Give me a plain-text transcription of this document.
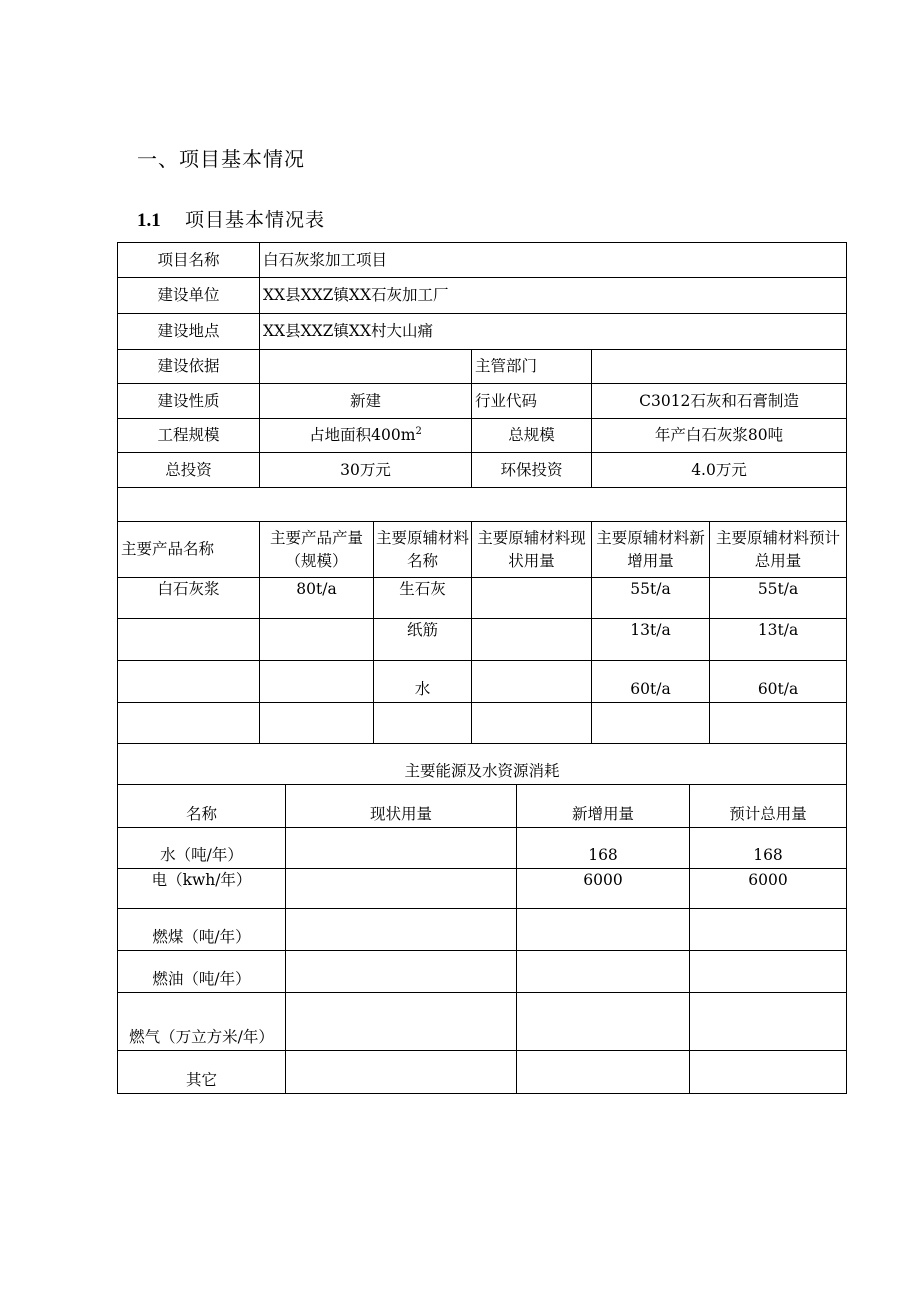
一、项目基本情况
1.1 项目基本情况表
项目名称	白石灰浆加工项目				
建设单位	XX县XXZ镇XX石灰加工厂				
建设地点	XX县XXZ镇XX村大山痛				
建设依据			主管部门		
建设性质	新建		行业代码	C3012石灰和石膏制造	
工程规模	占地面积$400m^2$		总规模	年产白石灰浆80吨	
总投资	30万元		环保投资	4.0万元	

主要产品名称	主要产品产量（规模）	主要原辅材料名称	主要原辅材料现状用量	主要原辅材料新增用量	主要原辅材料预计总用量
白石灰浆	80t/a	生石灰		55t/a	55t/a
		纸筋		13t/a	13t/a
		水		60t/a	60t/a

主要能源及水资源消耗			
名称	现状用量	新增用量	预计总用量
水（吨/年）		168	168
电（kwh/年）		6000	6000
燃煤（吨/年）			
燃油（吨/年）			
燃气（万立方米/年）			
其它			
